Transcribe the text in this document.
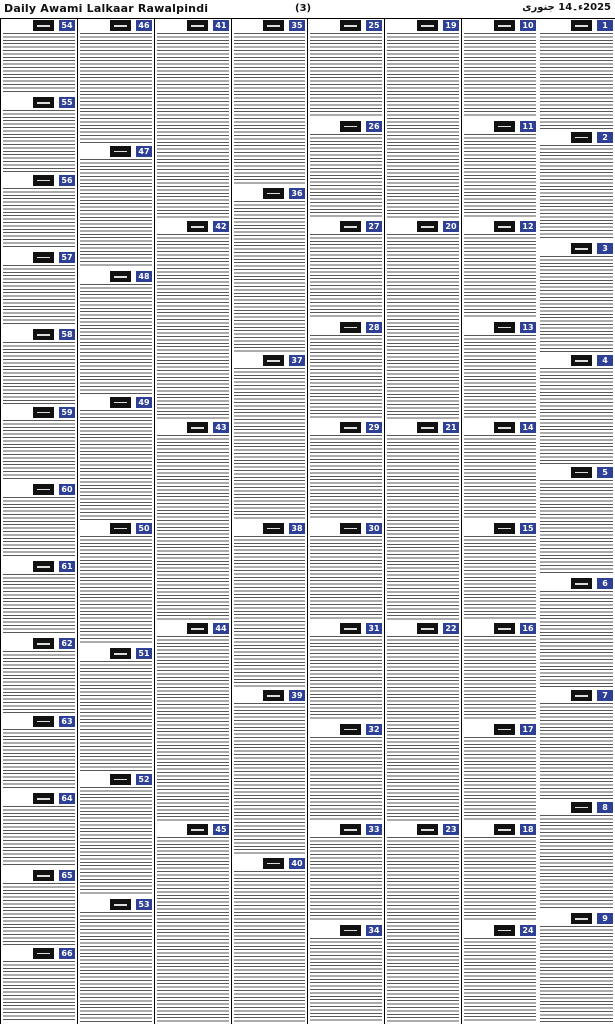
Daily Awami Lalkaar Rawalpindi	(3)	2025ء۔14 جنوری
1
2
3
4
5
6
7
8
9
10
11
12
13
14
15
16
17
18
24
19
20
21
22
23
25
26
27
28
29
30
31
32
33
34
35
36
37
38
39
40
41
42
43
44
45
46
47
48
49
50
51
52
53
54
55
56
57
58
59
60
61
62
63
64
65
66
